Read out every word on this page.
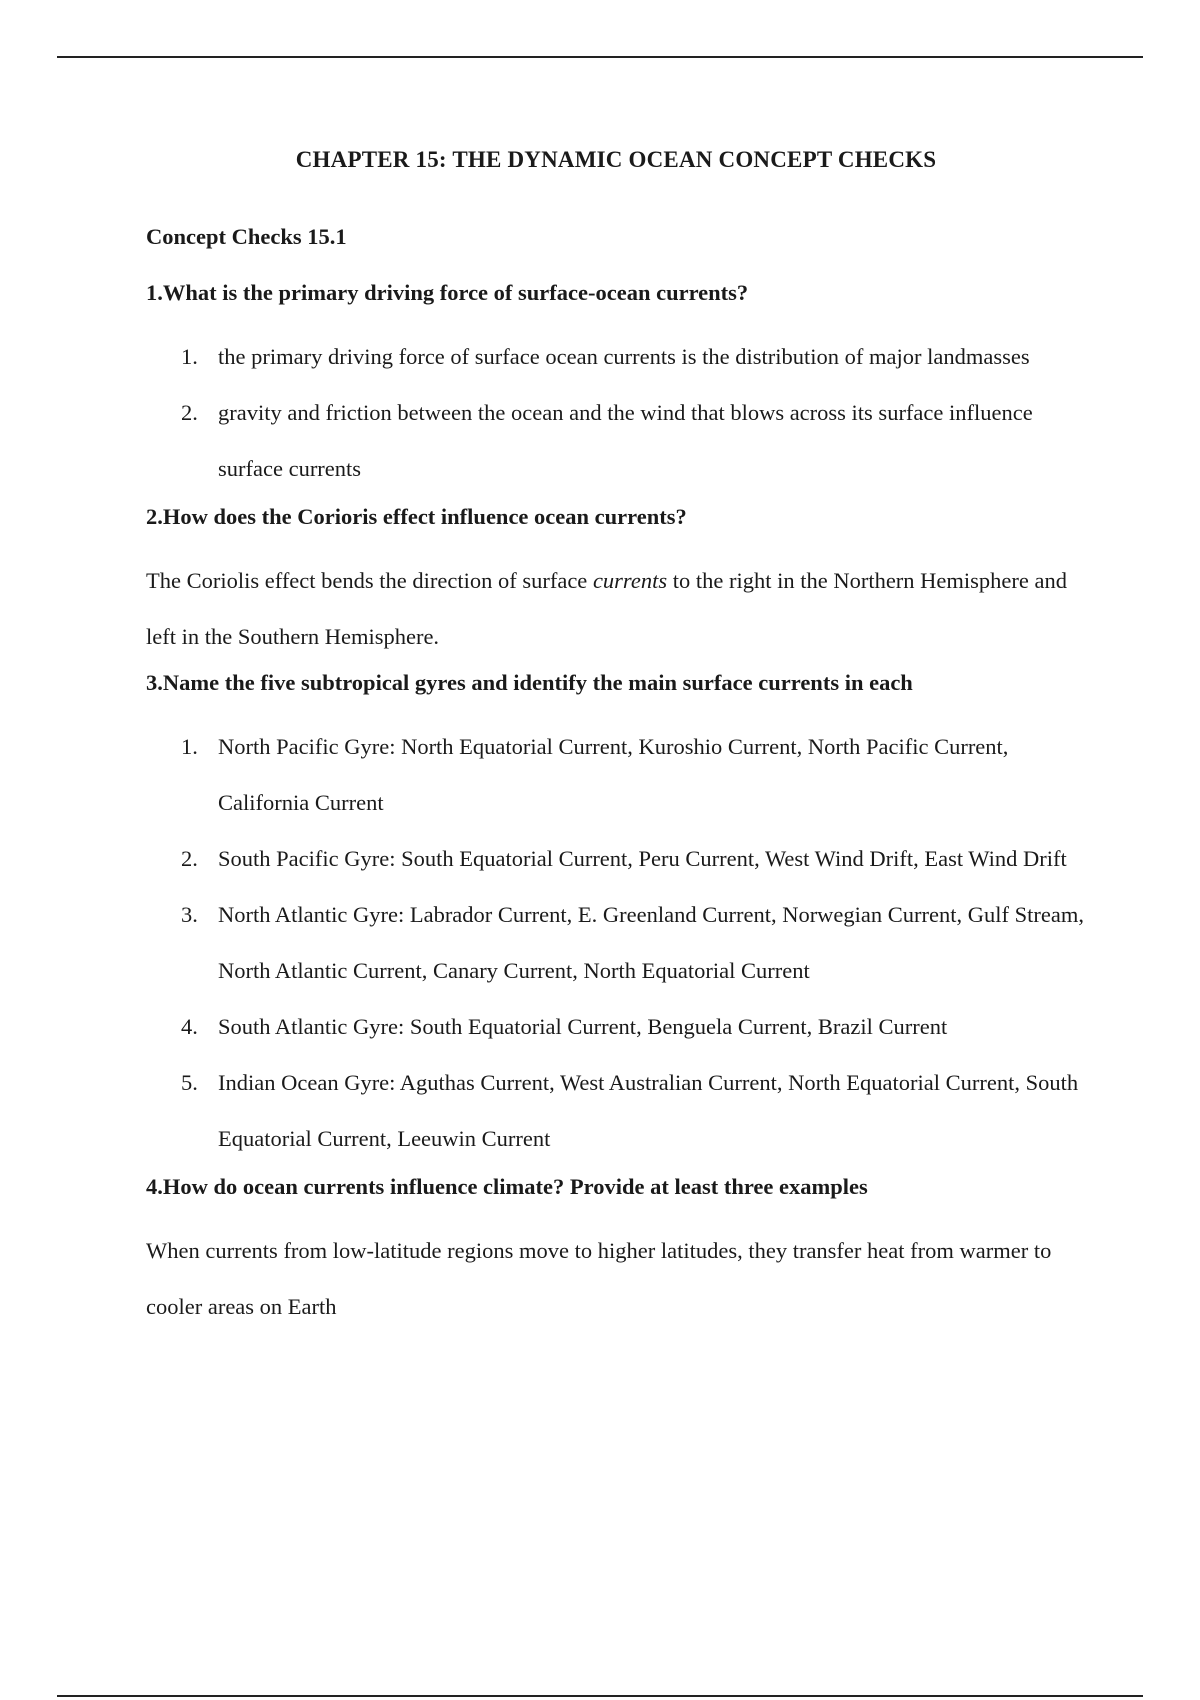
CHAPTER 15: THE DYNAMIC OCEAN CONCEPT CHECKS
Concept Checks 15.1
1.What is the primary driving force of surface-ocean currents?
1. the primary driving force of surface ocean currents is the distribution of major landmasses
2. gravity and friction between the ocean and the wind that blows across its surface influence surface currents
2.How does the Corioris effect influence ocean currents?
The Coriolis effect bends the direction of surface currents to the right in the Northern Hemisphere and left in the Southern Hemisphere.
3.Name the five subtropical gyres and identify the main surface currents in each
1. North Pacific Gyre: North Equatorial Current, Kuroshio Current, North Pacific Current, California Current
2. South Pacific Gyre: South Equatorial Current, Peru Current, West Wind Drift, East Wind Drift
3. North Atlantic Gyre: Labrador Current, E. Greenland Current, Norwegian Current, Gulf Stream, North Atlantic Current, Canary Current, North Equatorial Current
4. South Atlantic Gyre: South Equatorial Current, Benguela Current, Brazil Current
5. Indian Ocean Gyre: Aguthas Current, West Australian Current, North Equatorial Current, South Equatorial Current, Leeuwin Current
4.How do ocean currents influence climate? Provide at least three examples
When currents from low-latitude regions move to higher latitudes, they transfer heat from warmer to cooler areas on Earth
